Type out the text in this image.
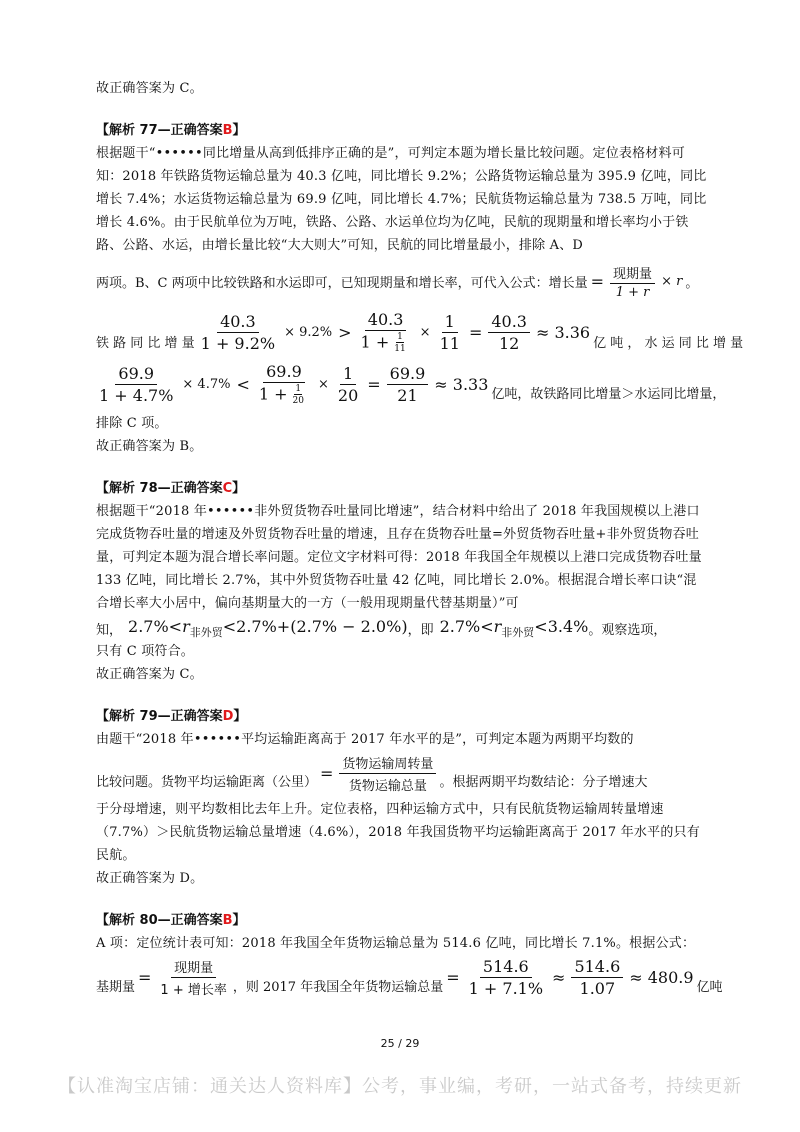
故正确答案为 C。

【解析 77—正确答案B】

根据题干“••••••同比增量从高到低排序正确的是”，可判定本题为增长量比较问题。定位表格材料可知：2018 年铁路货物运输总量为 40.3 亿吨，同比增长 9.2%；公路货物运输总量为 395.9 亿吨，同比增长 7.4%；水运货物运输总量为 69.9 亿吨，同比增长 4.7%；民航货物运输总量为 738.5 万吨，同比增长 4.6%。由于民航单位为万吨，铁路、公路、水运单位均为亿吨，民航的现期量和增长率均小于铁路、公路、水运，由增长量比较“大大则大”可知，民航的同比增量最小，排除 A、D

两项。B、C 两项中比较铁路和水运即可，已知现期量和增长率，可代入公式：增长量 = $\frac{\text{现期量}}{1 + r} \times r$ 。
铁 路 同 比 增 量 $\frac{40.3}{1 + 9.2\%} \times 9.2\% > \frac{40.3}{1 + \frac{1}{11}} \times \frac{1}{11} = \frac{40.3}{12} \approx 3.36$
亿 吨 ， 水 运 同 比 增 量
$\frac{69.9}{1 + 4.7\%} \times 4.7\% < \frac{69.9}{1 + \frac{1}{20}} \times \frac{1}{20} = \frac{69.9}{21} \approx 3.33$
亿吨，故铁路同比增量＞水运同比增量，

排除 C 项。

故正确答案为 B。

【解析 78—正确答案C】

根据题干“2018 年••••••非外贸货物吞吐量同比增速”，结合材料中给出了 2018 年我国规模以上港口完成货物吞吐量的增速及外贸货物吞吐量的增速，且存在货物吞吐量=外贸货物吞吐量+非外贸货物吞吐量，可判定本题为混合增长率问题。定位文字材料可得：2018 年我国全年规模以上港口完成货物吞吐量 133 亿吨，同比增长 2.7%，其中外贸货物吞吐量 42 亿吨，同比增长 2.0%。根据混合增长率口诀“混合增长率大小居中，偏向基期量大的一方（一般用现期量代替基期量）”可

知， $2.7\%<r_{非外贸}<2.7\%+(2.7\% - 2.0\%)$ ，即 $2.7\%<r_{非外贸}<3.4\%$ 。观察选项，

只有 C 项符合。

故正确答案为 C。

【解析 79—正确答案D】

由题干“2018 年••••••平均运输距离高于 2017 年水平的是”，可判定本题为两期平均数的

比较问题。货物平均运输距离（公里） = $\frac{\text{货物运输周转量}}{\text{货物运输总量}}$ 。根据两期平均数结论：分子增速大

于分母增速，则平均数相比去年上升。定位表格，四种运输方式中，只有民航货物运输周转量增速（7.7%）＞民航货物运输总量增速（4.6%），2018 年我国货物平均运输距离高于 2017 年水平的只有民航。

故正确答案为 D。

【解析 80—正确答案B】

A 项：定位统计表可知：2018 年我国全年货物运输总量为 514.6 亿吨，同比增长 7.1%。根据公式：

基期量
= $\frac{\text{现期量}}{\text{1 + 增长率}}$ ，则 2017 年我国全年货物运输总量
= $\frac{514.6}{1 + 7.1\%} \approx \frac{514.6}{1.07} \approx 480.9$
亿吨
25 / 29
【认准淘宝店铺：通关达人资料库】公考，事业编，考研，一站式备考，持续更新
